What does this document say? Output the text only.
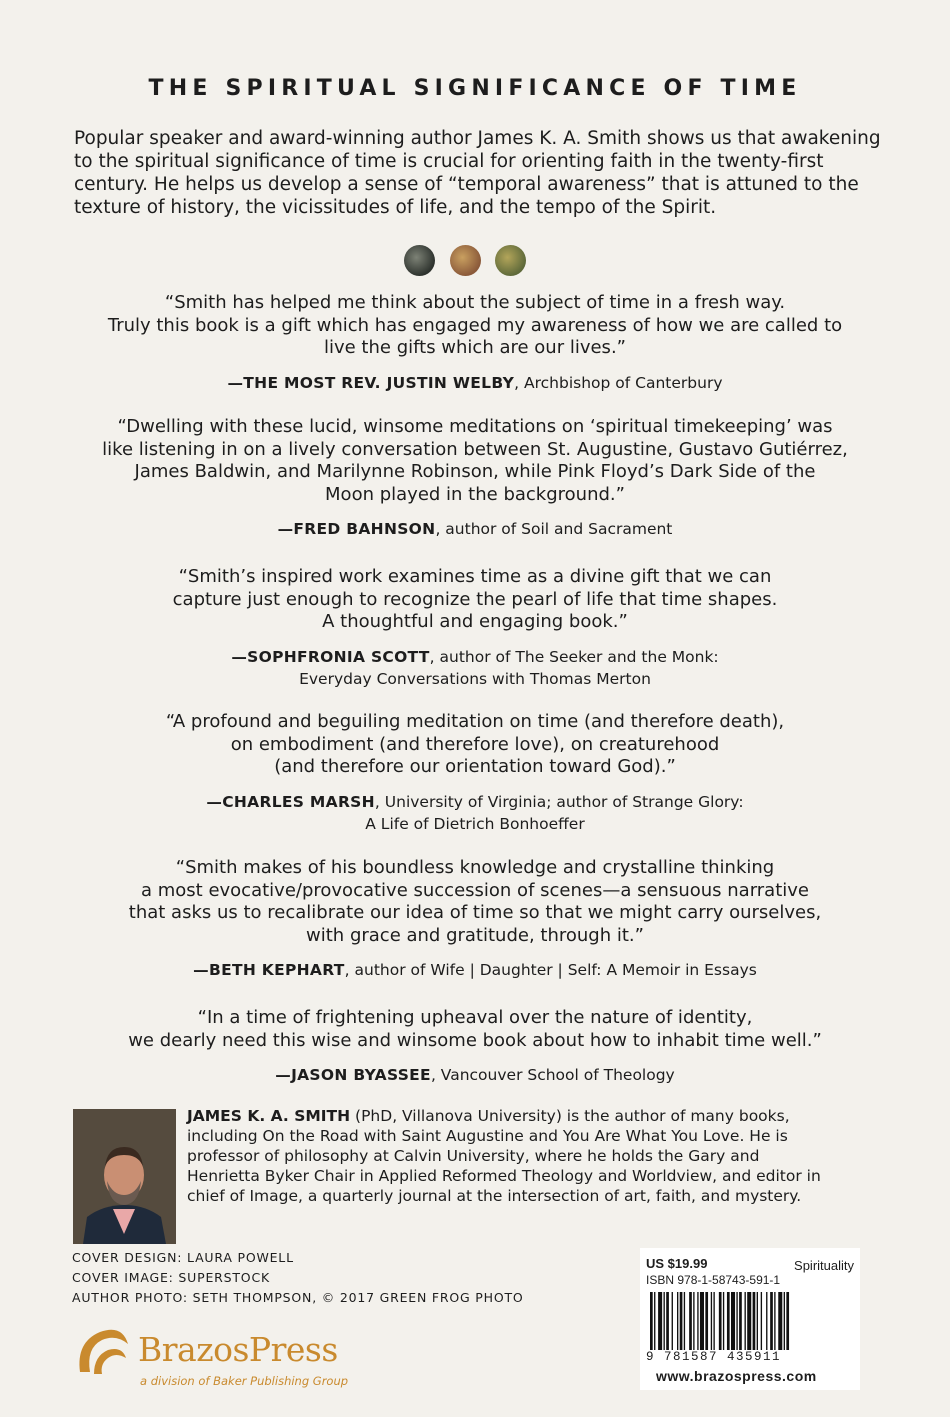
THE SPIRITUAL SIGNIFICANCE OF TIME

Popular speaker and award-winning author James K. A. Smith shows us that awakening to the spiritual significance of time is crucial for orienting faith in the twenty-first century. He helps us develop a sense of “temporal awareness” that is attuned to the texture of history, the vicissitudes of life, and the tempo of the Spirit.

“Smith has helped me think about the subject of time in a fresh way.
Truly this book is a gift which has engaged my awareness of how we are called to
live the gifts which are our lives.”

—THE MOST REV. JUSTIN WELBY, Archbishop of Canterbury

“Dwelling with these lucid, winsome meditations on ‘spiritual timekeeping’ was
like listening in on a lively conversation between St. Augustine, Gustavo Gutiérrez,
James Baldwin, and Marilynne Robinson, while Pink Floyd’s Dark Side of the
Moon played in the background.”

—FRED BAHNSON, author of Soil and Sacrament

“Smith’s inspired work examines time as a divine gift that we can
capture just enough to recognize the pearl of life that time shapes.
A thoughtful and engaging book.”

—SOPHFRONIA SCOTT, author of The Seeker and the Monk:
Everyday Conversations with Thomas Merton

“A profound and beguiling meditation on time (and therefore death),
on embodiment (and therefore love), on creaturehood
(and therefore our orientation toward God).”

—CHARLES MARSH, University of Virginia; author of Strange Glory:
A Life of Dietrich Bonhoeffer

“Smith makes of his boundless knowledge and crystalline thinking
a most evocative/provocative succession of scenes—a sensuous narrative
that asks us to recalibrate our idea of time so that we might carry ourselves,
with grace and gratitude, through it.”

—BETH KEPHART, author of Wife | Daughter | Self: A Memoir in Essays

“In a time of frightening upheaval over the nature of identity,
we dearly need this wise and winsome book about how to inhabit time well.”

—JASON BYASSEE, Vancouver School of Theology

JAMES K. A. SMITH (PhD, Villanova University) is the author of many books, including On the Road with Saint Augustine and You Are What You Love. He is professor of philosophy at Calvin University, where he holds the Gary and Henrietta Byker Chair in Applied Reformed Theology and Worldview, and editor in chief of Image, a quarterly journal at the intersection of art, faith, and mystery.

COVER DESIGN: LAURA POWELL
COVER IMAGE: SUPERSTOCK
AUTHOR PHOTO: SETH THOMPSON, © 2017 GREEN FROG PHOTO
BrazosPress
a division of Baker Publishing Group
US $19.99	Spirituality
ISBN 978-1-58743-591-1
9 781587 435911
www.brazospress.com
